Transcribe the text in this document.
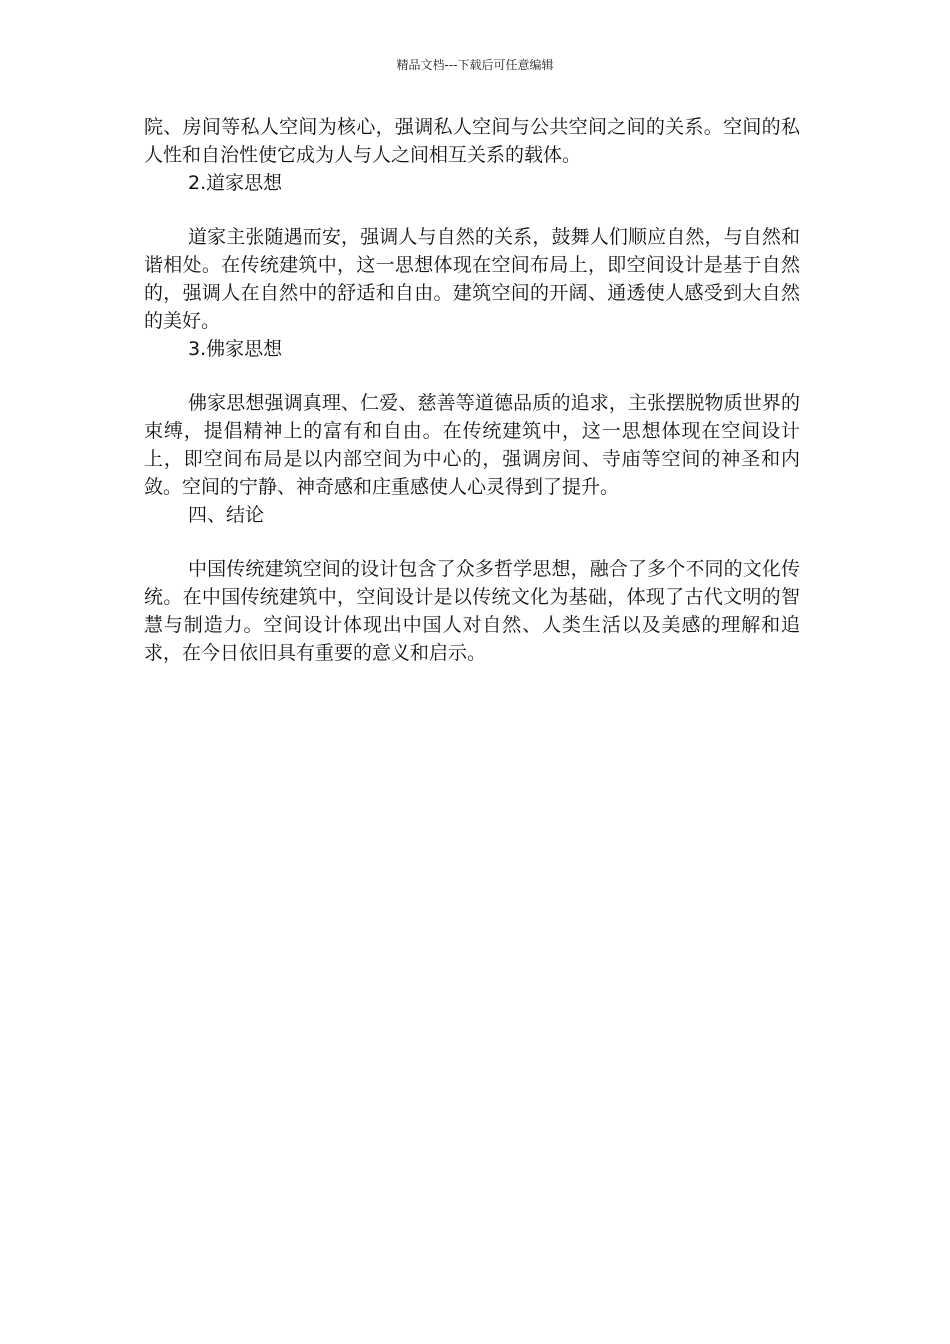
精品文档---下载后可任意编辑

院、房间等私人空间为核心，强调私人空间与公共空间之间的关系。空间的私人性和自治性使它成为人与人之间相互关系的载体。

2.道家思想

道家主张随遇而安，强调人与自然的关系，鼓舞人们顺应自然，与自然和谐相处。在传统建筑中，这一思想体现在空间布局上，即空间设计是基于自然的，强调人在自然中的舒适和自由。建筑空间的开阔、通透使人感受到大自然的美好。

3.佛家思想

佛家思想强调真理、仁爱、慈善等道德品质的追求，主张摆脱物质世界的束缚，提倡精神上的富有和自由。在传统建筑中，这一思想体现在空间设计上，即空间布局是以内部空间为中心的，强调房间、寺庙等空间的神圣和内敛。空间的宁静、神奇感和庄重感使人心灵得到了提升。

四、结论

中国传统建筑空间的设计包含了众多哲学思想，融合了多个不同的文化传统。在中国传统建筑中，空间设计是以传统文化为基础，体现了古代文明的智慧与制造力。空间设计体现出中国人对自然、人类生活以及美感的理解和追求，在今日依旧具有重要的意义和启示。
